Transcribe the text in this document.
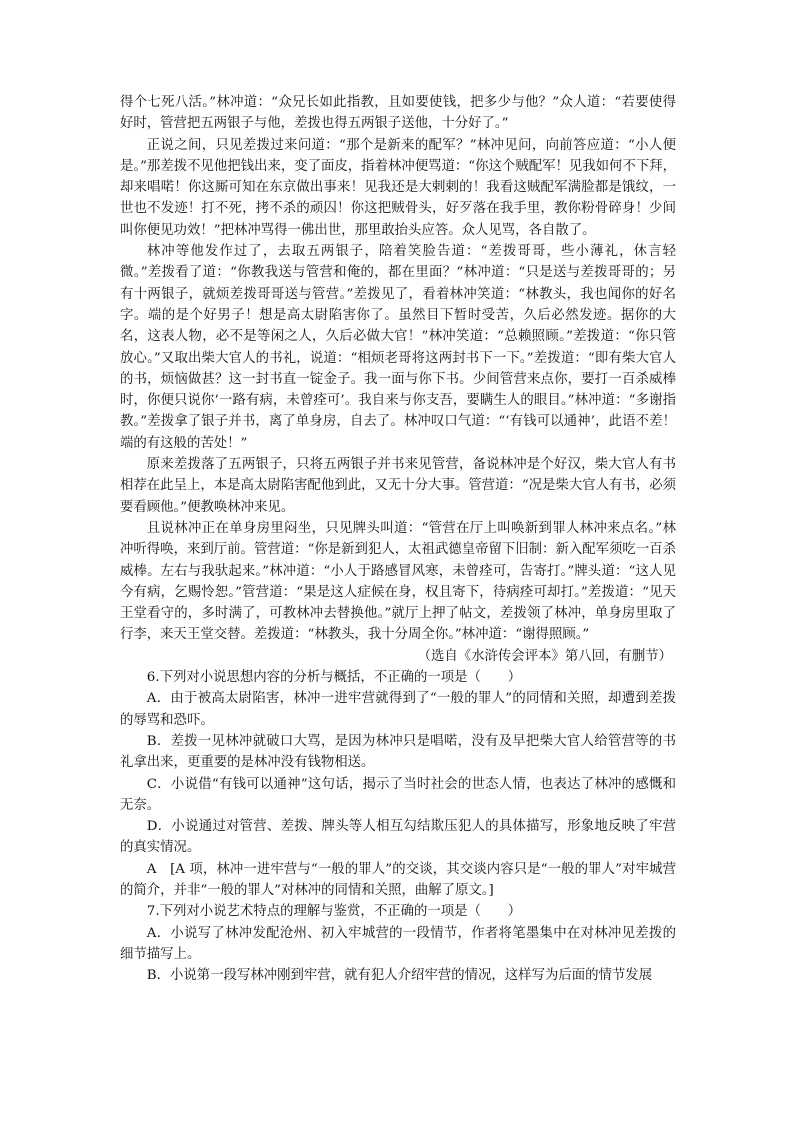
得个七死八活。”林冲道：“众兄长如此指教，且如要使钱，把多少与他？”众人道：“若要使得好时，管营把五两银子与他，差拨也得五两银子送他，十分好了。”

正说之间，只见差拨过来问道：“那个是新来的配军？”林冲见问，向前答应道：“小人便是。”那差拨不见他把钱出来，变了面皮，指着林冲便骂道：“你这个贼配军！见我如何不下拜，却来唱喏！你这厮可知在东京做出事来！见我还是大剌剌的！我看这贼配军满脸都是饿纹，一世也不发迹！打不死，拷不杀的顽囚！你这把贼骨头，好歹落在我手里，教你粉骨碎身！少间叫你便见功效！”把林冲骂得一佛出世，那里敢抬头应答。众人见骂，各自散了。

林冲等他发作过了，去取五两银子，陪着笑脸告道：“差拨哥哥，些小薄礼，休言轻微。”差拨看了道：“你教我送与管营和俺的，都在里面？”林冲道：“只是送与差拨哥哥的；另有十两银子，就烦差拨哥哥送与管营。”差拨见了，看着林冲笑道：“林教头，我也闻你的好名字。端的是个好男子！想是高太尉陷害你了。虽然目下暂时受苦，久后必然发迹。据你的大名，这表人物，必不是等闲之人，久后必做大官！”林冲笑道：“总赖照顾。”差拨道：“你只管放心。”又取出柴大官人的书礼，说道：“相烦老哥将这两封书下一下。”差拨道：“即有柴大官人的书，烦恼做甚？这一封书直一锭金子。我一面与你下书。少间管营来点你，要打一百杀威棒时，你便只说你‘一路有病，未曾痊可’。我自来与你支吾，要瞒生人的眼目。”林冲道：“多谢指教。”差拨拿了银子并书，离了单身房，自去了。林冲叹口气道：“‘有钱可以通神’，此语不差！端的有这般的苦处！”

原来差拨落了五两银子，只将五两银子并书来见管营，备说林冲是个好汉，柴大官人有书相荐在此呈上，本是高太尉陷害配他到此，又无十分大事。管营道：“况是柴大官人有书，必须要看顾他。”便教唤林冲来见。

且说林冲正在单身房里闷坐，只见牌头叫道：“管营在厅上叫唤新到罪人林冲来点名。”林冲听得唤，来到厅前。管营道：“你是新到犯人，太祖武德皇帝留下旧制：新入配军须吃一百杀威棒。左右与我驮起来。”林冲道：“小人于路感冒风寒，未曾痊可，告寄打。”牌头道：“这人见今有病，乞赐怜恕。”管营道：“果是这人症候在身，权且寄下，待病痊可却打。”差拨道：“见天王堂看守的，多时满了，可教林冲去替换他。”就厅上押了帖文，差拨领了林冲，单身房里取了行李，来天王堂交替。差拨道：“林教头，我十分周全你。”林冲道：“谢得照顾。”

（选自《水浒传会评本》第八回，有删节）

6.下列对小说思想内容的分析与概括，不正确的一项是（　　）

A．由于被高太尉陷害，林冲一进牢营就得到了“一般的罪人”的同情和关照，却遭到差拨的辱骂和恐吓。

B．差拨一见林冲就破口大骂，是因为林冲只是唱喏，没有及早把柴大官人给管营等的书礼拿出来，更重要的是林冲没有钱物相送。

C．小说借“有钱可以通神”这句话，揭示了当时社会的世态人情，也表达了林冲的感慨和无奈。

D．小说通过对管营、差拨、牌头等人相互勾结欺压犯人的具体描写，形象地反映了牢营的真实情况。

A　[A 项，林冲一进牢营与“一般的罪人”的交谈，其交谈内容只是“一般的罪人”对牢城营的简介，并非“一般的罪人”对林冲的同情和关照，曲解了原文。]

7.下列对小说艺术特点的理解与鉴赏，不正确的一项是（　　）

A．小说写了林冲发配沧州、初入牢城营的一段情节，作者将笔墨集中在对林冲见差拨的细节描写上。

B．小说第一段写林冲刚到牢营，就有犯人介绍牢营的情况，这样写为后面的情节发展
